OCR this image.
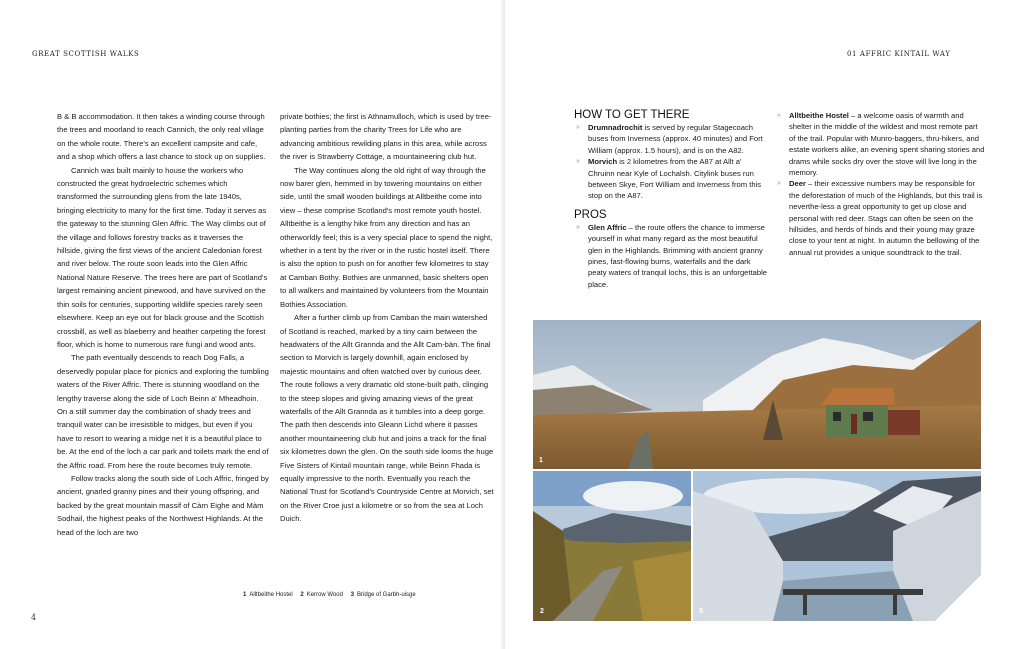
GREAT SCOTTISH WALKS

B & B accommodation. It then takes a winding course through the trees and moorland to reach Cannich, the only real village on the whole route. There's an excellent campsite and cafe, and a shop which offers a last chance to stock up on supplies.

Cannich was built mainly to house the workers who constructed the great hydroelectric schemes which transformed the surrounding glens from the late 1940s, bringing electricity to many for the first time. Today it serves as the gateway to the stunning Glen Affric. The Way climbs out of the village and follows forestry tracks as it traverses the hillside, giving the first views of the ancient Caledonian forest and river below. The route soon leads into the Glen Affric National Nature Reserve. The trees here are part of Scotland's largest remaining ancient pinewood, and have survived on the thin soils for centuries, supporting wildlife species rarely seen elsewhere. Keep an eye out for black grouse and the Scottish crossbill, as well as blaeberry and heather carpeting the forest floor, which is home to numerous rare fungi and wood ants.

The path eventually descends to reach Dog Falls, a deservedly popular place for picnics and exploring the tumbling waters of the River Affric. There is stunning woodland on the lengthy traverse along the side of Loch Beinn a' Mheadhoin. On a still summer day the combination of shady trees and tranquil water can be irresistible to midges, but even if you have to resort to wearing a midge net it is a beautiful place to be. At the end of the loch a car park and toilets mark the end of the Affric road. From here the route becomes truly remote.

Follow tracks along the south side of Loch Affric, fringed by ancient, gnarled granny pines and their young offspring, and backed by the great mountain massif of Càrn Eighe and Màm Sodhail, the highest peaks of the Northwest Highlands. At the head of the loch are two

private bothies; the first is Athnamulloch, which is used by tree-planting parties from the charity Trees for Life who are advancing ambitious rewilding plans in this area, while across the river is Strawberry Cottage, a mountaineering club hut.

The Way continues along the old right of way through the now barer glen, hemmed in by towering mountains on either side, until the small wooden buildings at Alltbeithe come into view – these comprise Scotland's most remote youth hostel. Alltbeithe is a lengthy hike from any direction and has an otherworldly feel; this is a very special place to spend the night, whether in a tent by the river or in the rustic hostel itself. There is also the option to push on for another few kilometres to stay at Camban Bothy. Bothies are unmanned, basic shelters open to all walkers and maintained by volunteers from the Mountain Bothies Association.

After a further climb up from Camban the main watershed of Scotland is reached, marked by a tiny cairn between the headwaters of the Allt Grannda and the Allt Cam-bàn. The final section to Morvich is largely downhill, again enclosed by majestic mountains and often watched over by curious deer. The route follows a very dramatic old stone-built path, clinging to the steep slopes and giving amazing views of the great waterfalls of the Allt Grannda as it tumbles into a deep gorge. The path then descends into Gleann Lichd where it passes another mountaineering club hut and joins a track for the final six kilometres down the glen. On the south side looms the huge Five Sisters of Kintail mountain range, while Beinn Fhada is equally impressive to the north. Eventually you reach the National Trust for Scotland's Countryside Centre at Morvich, set on the River Croe just a kilometre or so from the sea at Loch Duich.

1 Alltbeithe Hostel 2 Kerrow Wood 3 Bridge of Garbh-uisge
4
01 AFFRIC KINTAIL WAY
HOW TO GET THERE
» Drumnadrochit is served by regular Stagecoach buses from Inverness (approx. 40 minutes) and Fort William (approx. 1.5 hours), and is on the A82.
» Morvich is 2 kilometres from the A87 at Allt a' Chruinn near Kyle of Lochalsh. Citylink buses run between Skye, Fort William and Inverness from this stop on the A87.
PROS
» Glen Affric – the route offers the chance to immerse yourself in what many regard as the most beautiful glen in the Highlands. Brimming with ancient granny pines, fast-flowing burns, waterfalls and the dark peaty waters of tranquil lochs, this is an unforgettable place.
» Alltbeithe Hostel – a welcome oasis of warmth and shelter in the middle of the wildest and most remote part of the trail. Popular with Munro-baggers, thru-hikers, and estate workers alike, an evening spent sharing stories and drams while socks dry over the stove will live long in the memory.
» Deer – their excessive numbers may be responsible for the deforestation of much of the Highlands, but this trail is neverthe-less a great opportunity to get up close and personal with red deer. Stags can often be seen on the hillsides, and herds of hinds and their young may graze close to your tent at night. In autumn the bellowing of the annual rut provides a unique soundtrack to the trail.
1
2	3
